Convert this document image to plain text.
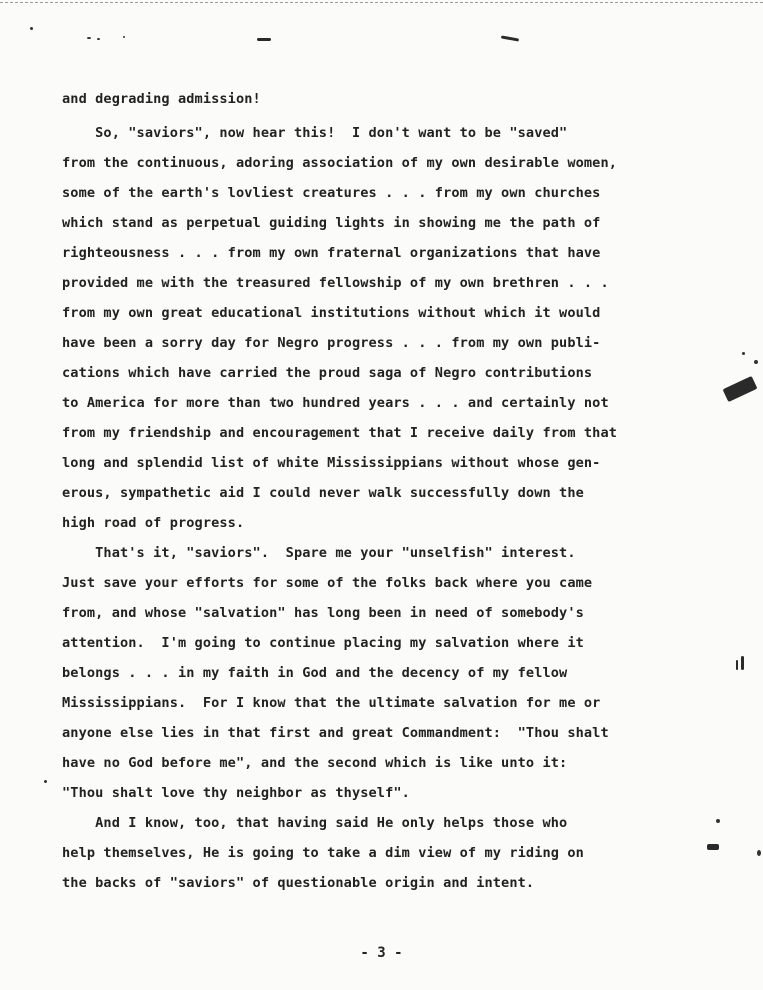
and degrading admission!
So, "saviors", now hear this!  I don't want to be "saved"
from the continuous, adoring association of my own desirable women,
some of the earth's lovliest creatures . . . from my own churches
which stand as perpetual guiding lights in showing me the path of
righteousness . . . from my own fraternal organizations that have
provided me with the treasured fellowship of my own brethren . . .
from my own great educational institutions without which it would
have been a sorry day for Negro progress . . . from my own publi-
cations which have carried the proud saga of Negro contributions
to America for more than two hundred years . . . and certainly not
from my friendship and encouragement that I receive daily from that
long and splendid list of white Mississippians without whose gen-
erous, sympathetic aid I could never walk successfully down the
high road of progress.
That's it, "saviors".  Spare me your "unselfish" interest.
Just save your efforts for some of the folks back where you came
from, and whose "salvation" has long been in need of somebody's
attention.  I'm going to continue placing my salvation where it
belongs . . . in my faith in God and the decency of my fellow
Mississippians.  For I know that the ultimate salvation for me or
anyone else lies in that first and great Commandment:  "Thou shalt
have no God before me", and the second which is like unto it:
"Thou shalt love thy neighbor as thyself".
And I know, too, that having said He only helps those who
help themselves, He is going to take a dim view of my riding on
the backs of "saviors" of questionable origin and intent.
- 3 -
